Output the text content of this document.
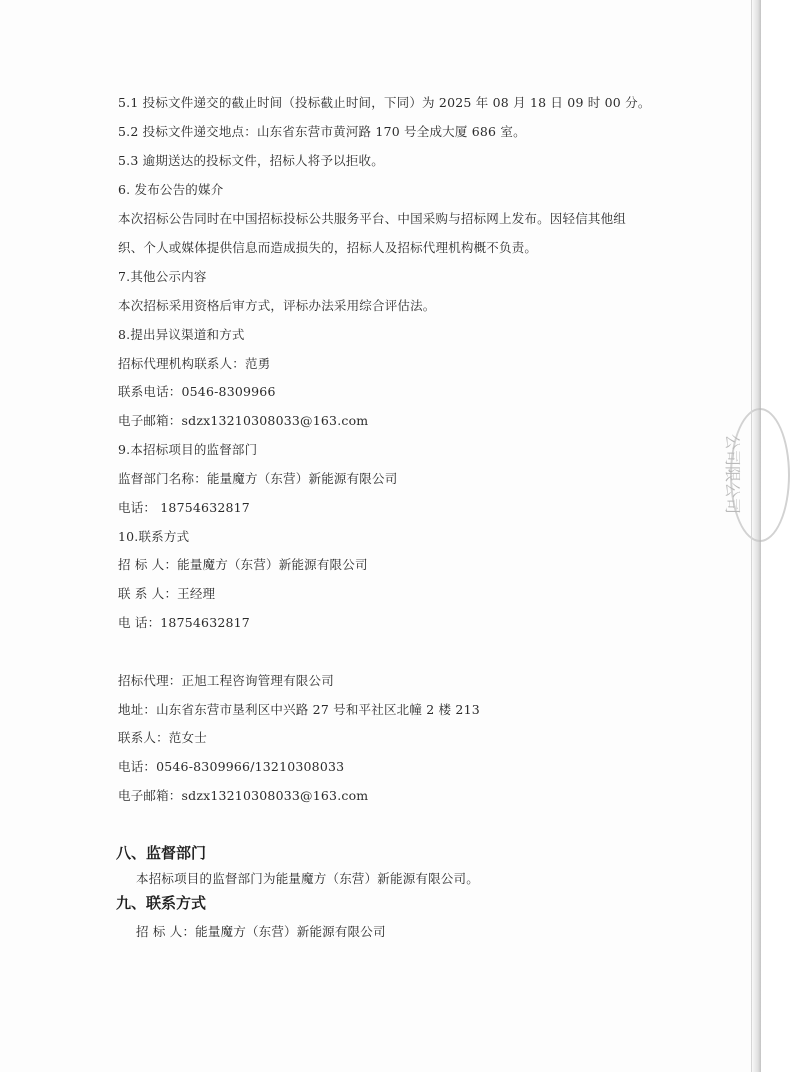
5.1 投标文件递交的截止时间（投标截止时间，下同）为 2025 年 08 月 18 日 09 时 00 分。
5.2 投标文件递交地点：山东省东营市黄河路 170 号全成大厦 686 室。
5.3 逾期送达的投标文件，招标人将予以拒收。
6. 发布公告的媒介
本次招标公告同时在中国招标投标公共服务平台、中国采购与招标网上发布。因轻信其他组
织、个人或媒体提供信息而造成损失的，招标人及招标代理机构概不负责。
7.其他公示内容
本次招标采用资格后审方式，评标办法采用综合评估法。
8.提出异议渠道和方式
招标代理机构联系人：范勇
联系电话：0546-8309966
电子邮箱：sdzx13210308033@163.com
9.本招标项目的监督部门
监督部门名称：能量魔方（东营）新能源有限公司
电话： 18754632817
10.联系方式
招 标 人：能量魔方（东营）新能源有限公司
联 系 人：王经理
电 话：18754632817
招标代理：正旭工程咨询管理有限公司
地址：山东省东营市垦利区中兴路 27 号和平社区北幢 2 楼 213
联系人：范女士
电话：0546-8309966/13210308033
电子邮箱：sdzx13210308033@163.com
八、监督部门
本招标项目的监督部门为能量魔方（东营）新能源有限公司。
九、联系方式
招 标 人：能量魔方（东营）新能源有限公司
公司限公司
